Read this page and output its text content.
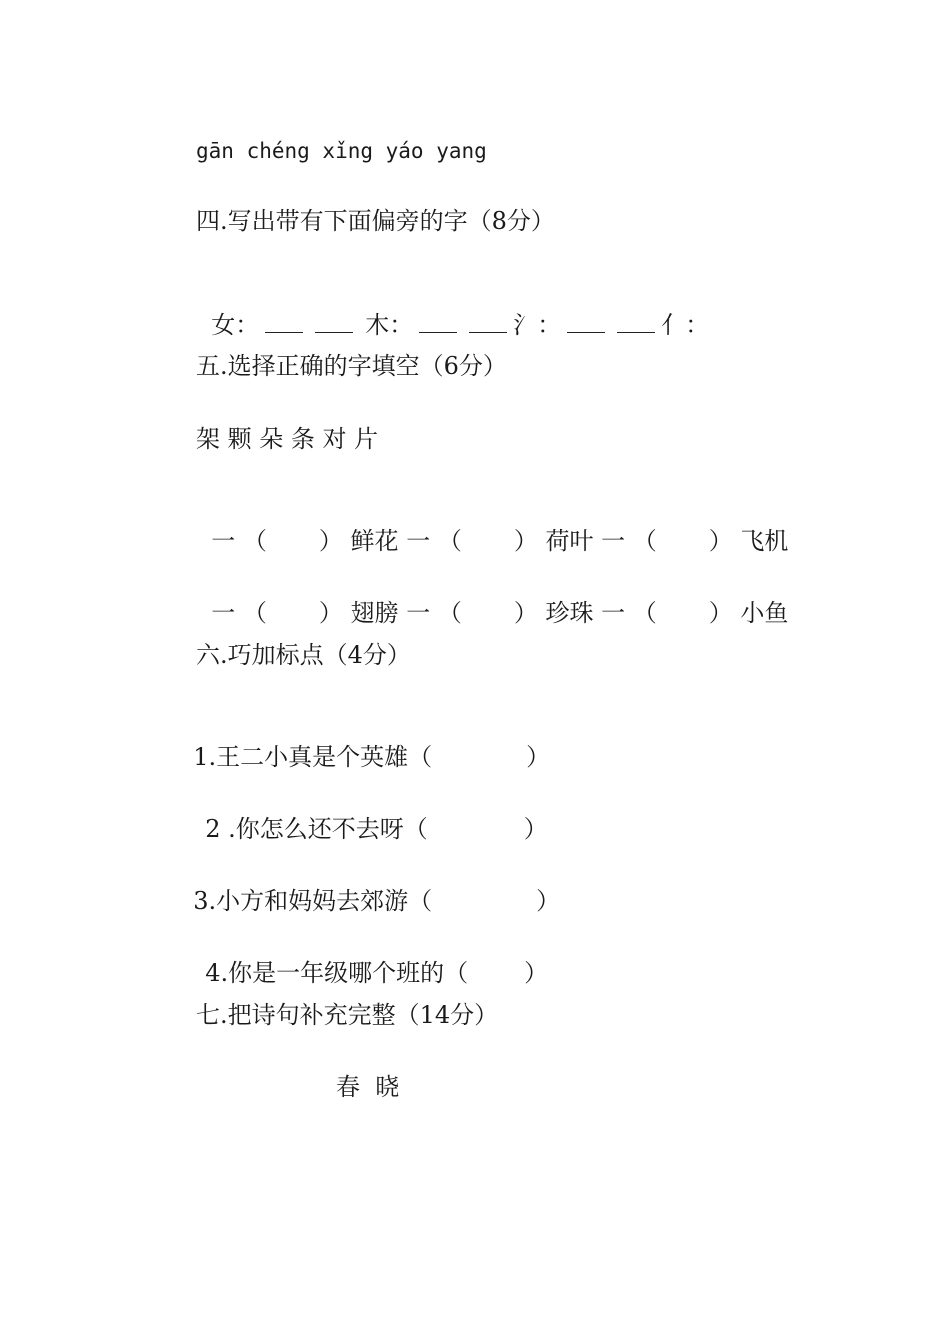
gān chéng xǐng yáo yang
四.写出带有下面偏旁的字（8分）

女：	木：	氵：	亻：

五.选择正确的字填空（6分）
架 颗 朵 条 对 片

一 （ ） 鲜花 一 （ ） 荷叶 一 （ ） 飞机

一 （ ） 翅膀 一 （ ） 珍珠 一 （ ） 小鱼

六.巧加标点（4分）

1.王二小真是个英雄（	）

2 .你怎么还不去呀（	）

3.小方和妈妈去郊游（	）

4.你是一年级哪个班的（ ）

七.把诗句补充完整（14分）
春  晓
